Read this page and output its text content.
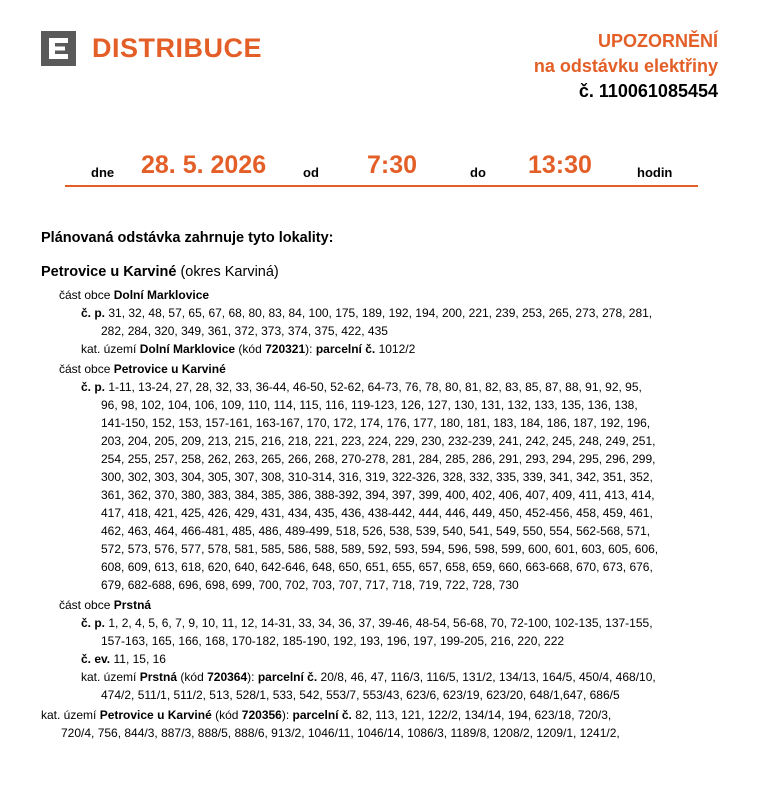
DISTRIBUCE	UPOZORNĚNÍ
na odstávku elektřiny
č. 110061085454
dne 28. 5. 2026	od 7:30	do 13:30	hodin
Plánovaná odstávka zahrnuje tyto lokality:
Petrovice u Karviné (okres Karviná)
část obce Dolní Marklovice
č. p. 31, 32, 48, 57, 65, 67, 68, 80, 83, 84, 100, 175, 189, 192, 194, 200, 221, 239, 253, 265, 273, 278, 281,
282, 284, 320, 349, 361, 372, 373, 374, 375, 422, 435
kat. území Dolní Marklovice (kód 720321): parcelní č. 1012/2
část obce Petrovice u Karviné
č. p. 1-11, 13-24, 27, 28, 32, 33, 36-44, 46-50, 52-62, 64-73, 76, 78, 80, 81, 82, 83, 85, 87, 88, 91, 92, 95,
96, 98, 102, 104, 106, 109, 110, 114, 115, 116, 119-123, 126, 127, 130, 131, 132, 133, 135, 136, 138,
141-150, 152, 153, 157-161, 163-167, 170, 172, 174, 176, 177, 180, 181, 183, 184, 186, 187, 192, 196,
203, 204, 205, 209, 213, 215, 216, 218, 221, 223, 224, 229, 230, 232-239, 241, 242, 245, 248, 249, 251,
254, 255, 257, 258, 262, 263, 265, 266, 268, 270-278, 281, 284, 285, 286, 291, 293, 294, 295, 296, 299,
300, 302, 303, 304, 305, 307, 308, 310-314, 316, 319, 322-326, 328, 332, 335, 339, 341, 342, 351, 352,
361, 362, 370, 380, 383, 384, 385, 386, 388-392, 394, 397, 399, 400, 402, 406, 407, 409, 411, 413, 414,
417, 418, 421, 425, 426, 429, 431, 434, 435, 436, 438-442, 444, 446, 449, 450, 452-456, 458, 459, 461,
462, 463, 464, 466-481, 485, 486, 489-499, 518, 526, 538, 539, 540, 541, 549, 550, 554, 562-568, 571,
572, 573, 576, 577, 578, 581, 585, 586, 588, 589, 592, 593, 594, 596, 598, 599, 600, 601, 603, 605, 606,
608, 609, 613, 618, 620, 640, 642-646, 648, 650, 651, 655, 657, 658, 659, 660, 663-668, 670, 673, 676,
679, 682-688, 696, 698, 699, 700, 702, 703, 707, 717, 718, 719, 722, 728, 730
část obce Prstná
č. p. 1, 2, 4, 5, 6, 7, 9, 10, 11, 12, 14-31, 33, 34, 36, 37, 39-46, 48-54, 56-68, 70, 72-100, 102-135, 137-155,
157-163, 165, 166, 168, 170-182, 185-190, 192, 193, 196, 197, 199-205, 216, 220, 222
č. ev. 11, 15, 16
kat. území Prstná (kód 720364): parcelní č. 20/8, 46, 47, 116/3, 116/5, 131/2, 134/13, 164/5, 450/4, 468/10,
474/2, 511/1, 511/2, 513, 528/1, 533, 542, 553/7, 553/43, 623/6, 623/19, 623/20, 648/1,647, 686/5
kat. území Petrovice u Karviné (kód 720356): parcelní č. 82, 113, 121, 122/2, 134/14, 194, 623/18, 720/3,
720/4, 756, 844/3, 887/3, 888/5, 888/6, 913/2, 1046/11, 1046/14, 1086/3, 1189/8, 1208/2, 1209/1, 1241/2,
